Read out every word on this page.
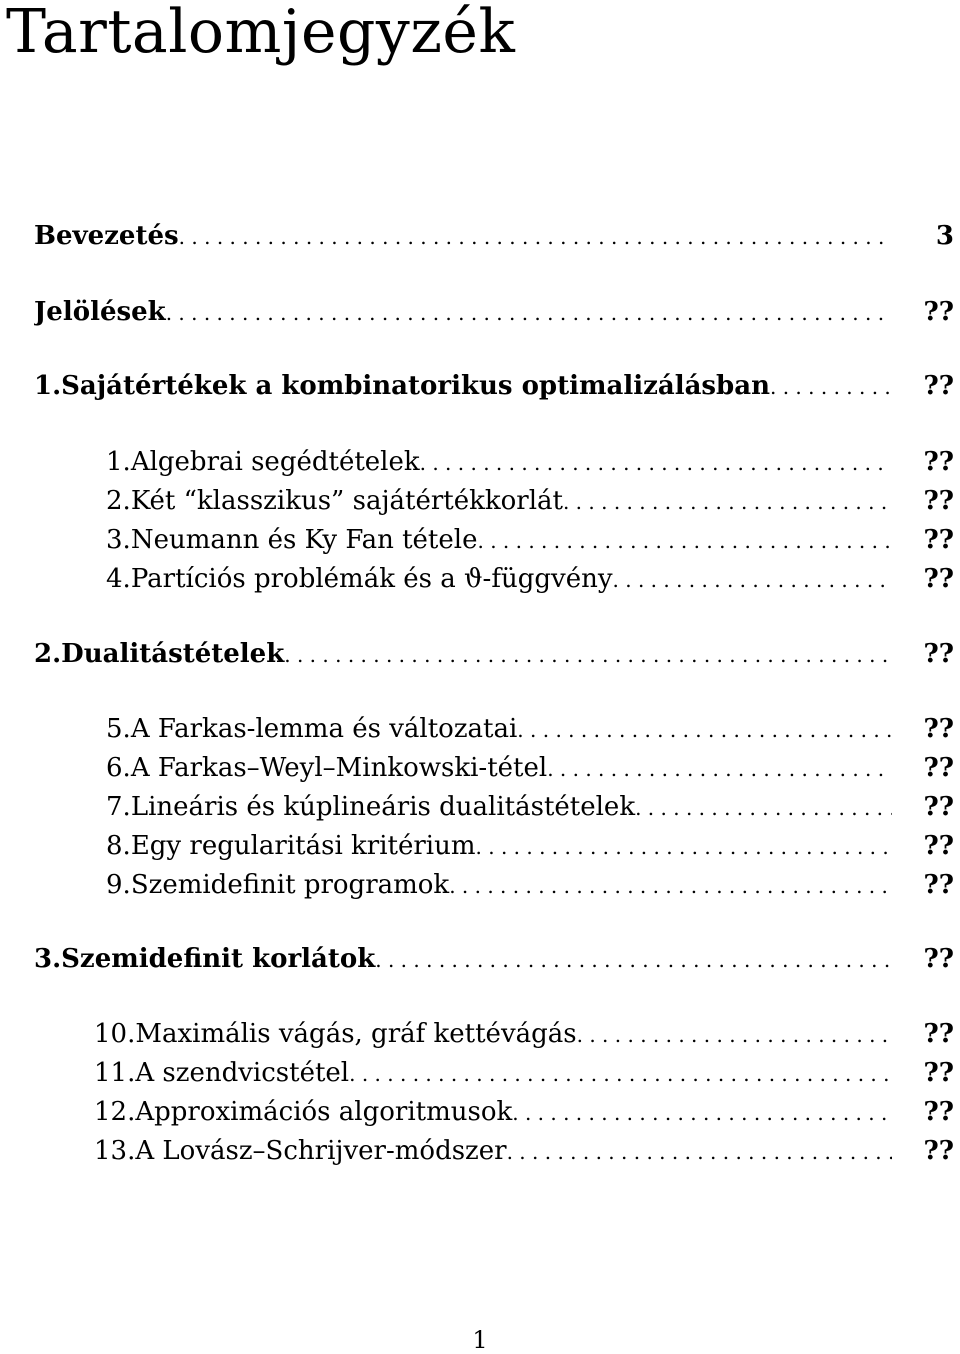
Tartalomjegyzék
Bevezetés . . .	3
Jelölések . . .	??
1. Sajátértékek a kombinatorikus optimalizálásban . . .	??
1. Algebrai segédtételek . . .	??
2. Két “klasszikus” sajátértékkorlát . . .	??
3. Neumann és Ky Fan tétele . . .	??
4. Partíciós problémák és a ϑ-függvény . . .	??
2. Dualitástételek . . .	??
5. A Farkas-lemma és változatai . . .	??
6. A Farkas–Weyl–Minkowski-tétel . . .	??
7. Lineáris és kúplineáris dualitástételek . . .	??
8. Egy regularitási kritérium . . .	??
9. Szemidefinit programok . . .	??
3. Szemidefinit korlátok . . .	??
10. Maximális vágás, gráf kettévágás . . .	??
11. A szendvicstétel . . .	??
12. Approximációs algoritmusok . . .	??
13. A Lovász–Schrijver-módszer . . .	??
1
